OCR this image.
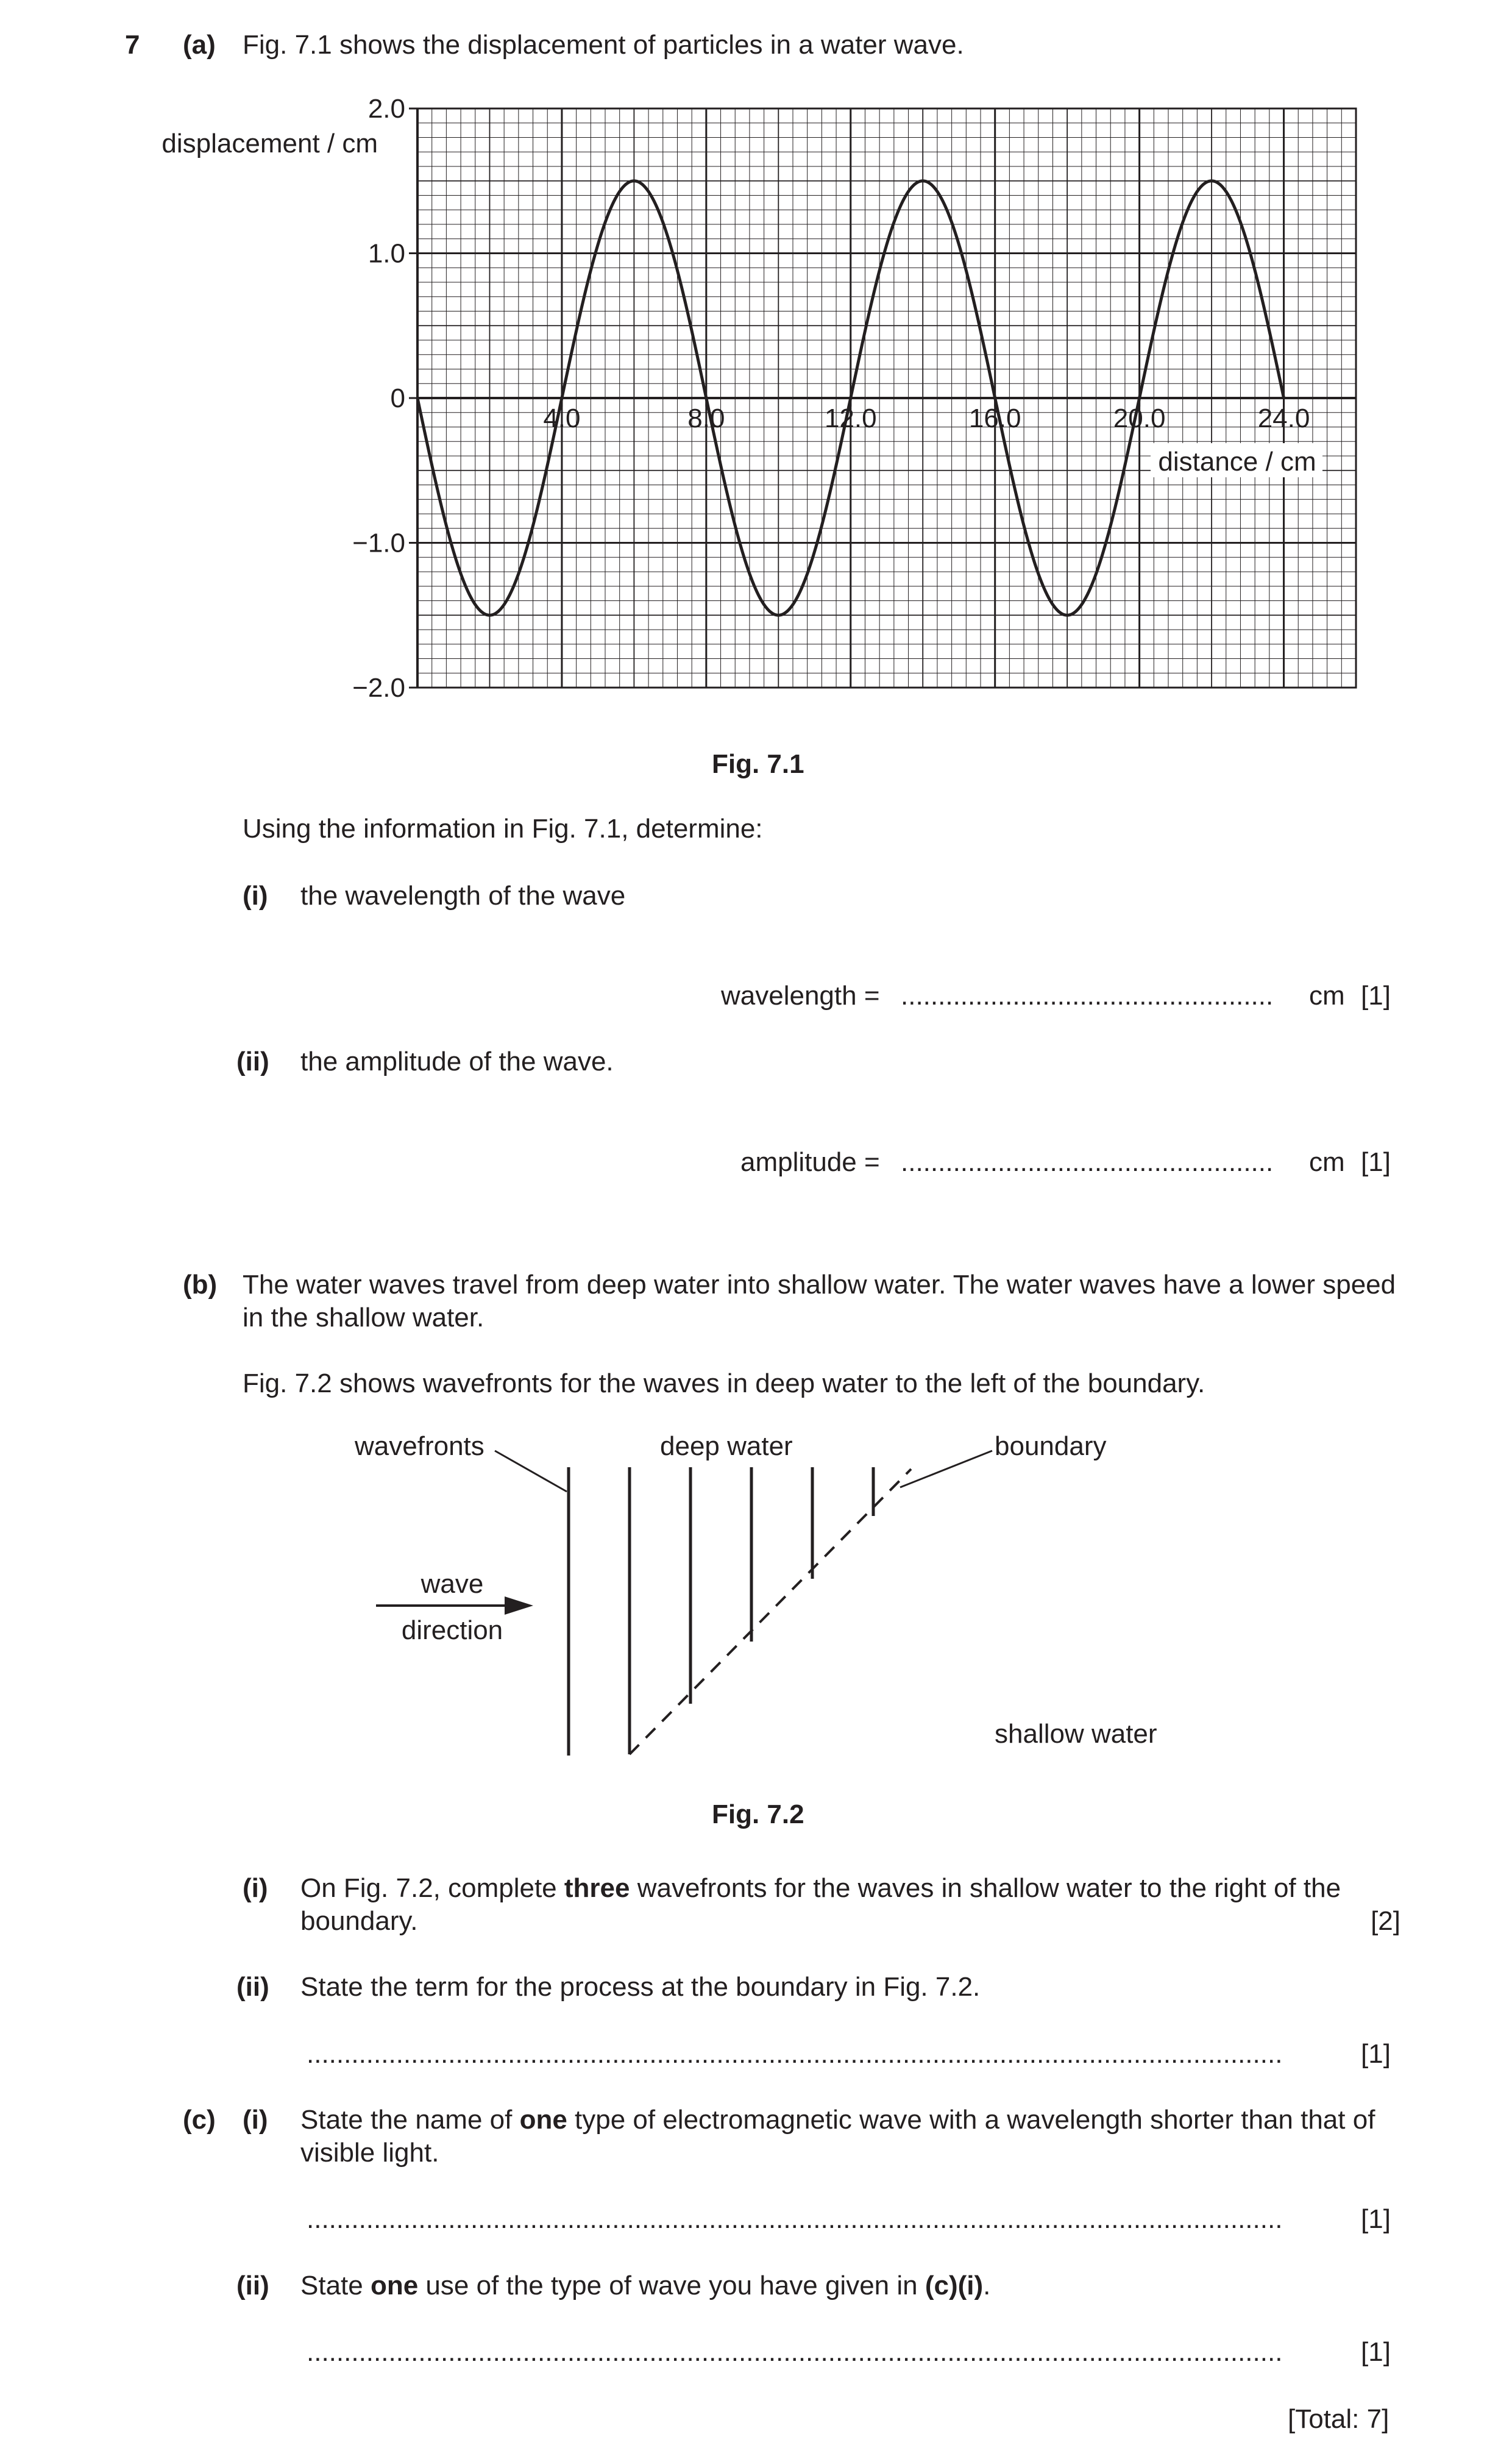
7 (a) Fig. 7.1 shows the displacement of particles in a water wave.
2.0
1.0
0
−1.0
−2.0
4.0	8.0	12.0	16.0	20.0	24.0
displacement / cm
distance / cm
Fig. 7.1
Using the information in Fig. 7.1, determine:
(i) the wavelength of the wave
wavelength = .................................................. cm [1]
(ii) the amplitude of the wave.
amplitude = .................................................. cm [1]
(b) The water waves travel from deep water into shallow water. The water waves have a lower speed in the shallow water.
Fig. 7.2 shows wavefronts for the waves in deep water to the left of the boundary.
wavefronts	deep water	boundary
wave
direction
shallow water
Fig. 7.2
(i) On Fig. 7.2, complete three wavefronts for the waves in shallow water to the right of the boundary.	[2]
(ii) State the term for the process at the boundary in Fig. 7.2.
...................................................................................................................................	[1]
(c) (i) State the name of one type of electromagnetic wave with a wavelength shorter than that of visible light.
...................................................................................................................................	[1]
(ii) State one use of the type of wave you have given in (c)(i).
...................................................................................................................................	[1]
[Total: 7]
